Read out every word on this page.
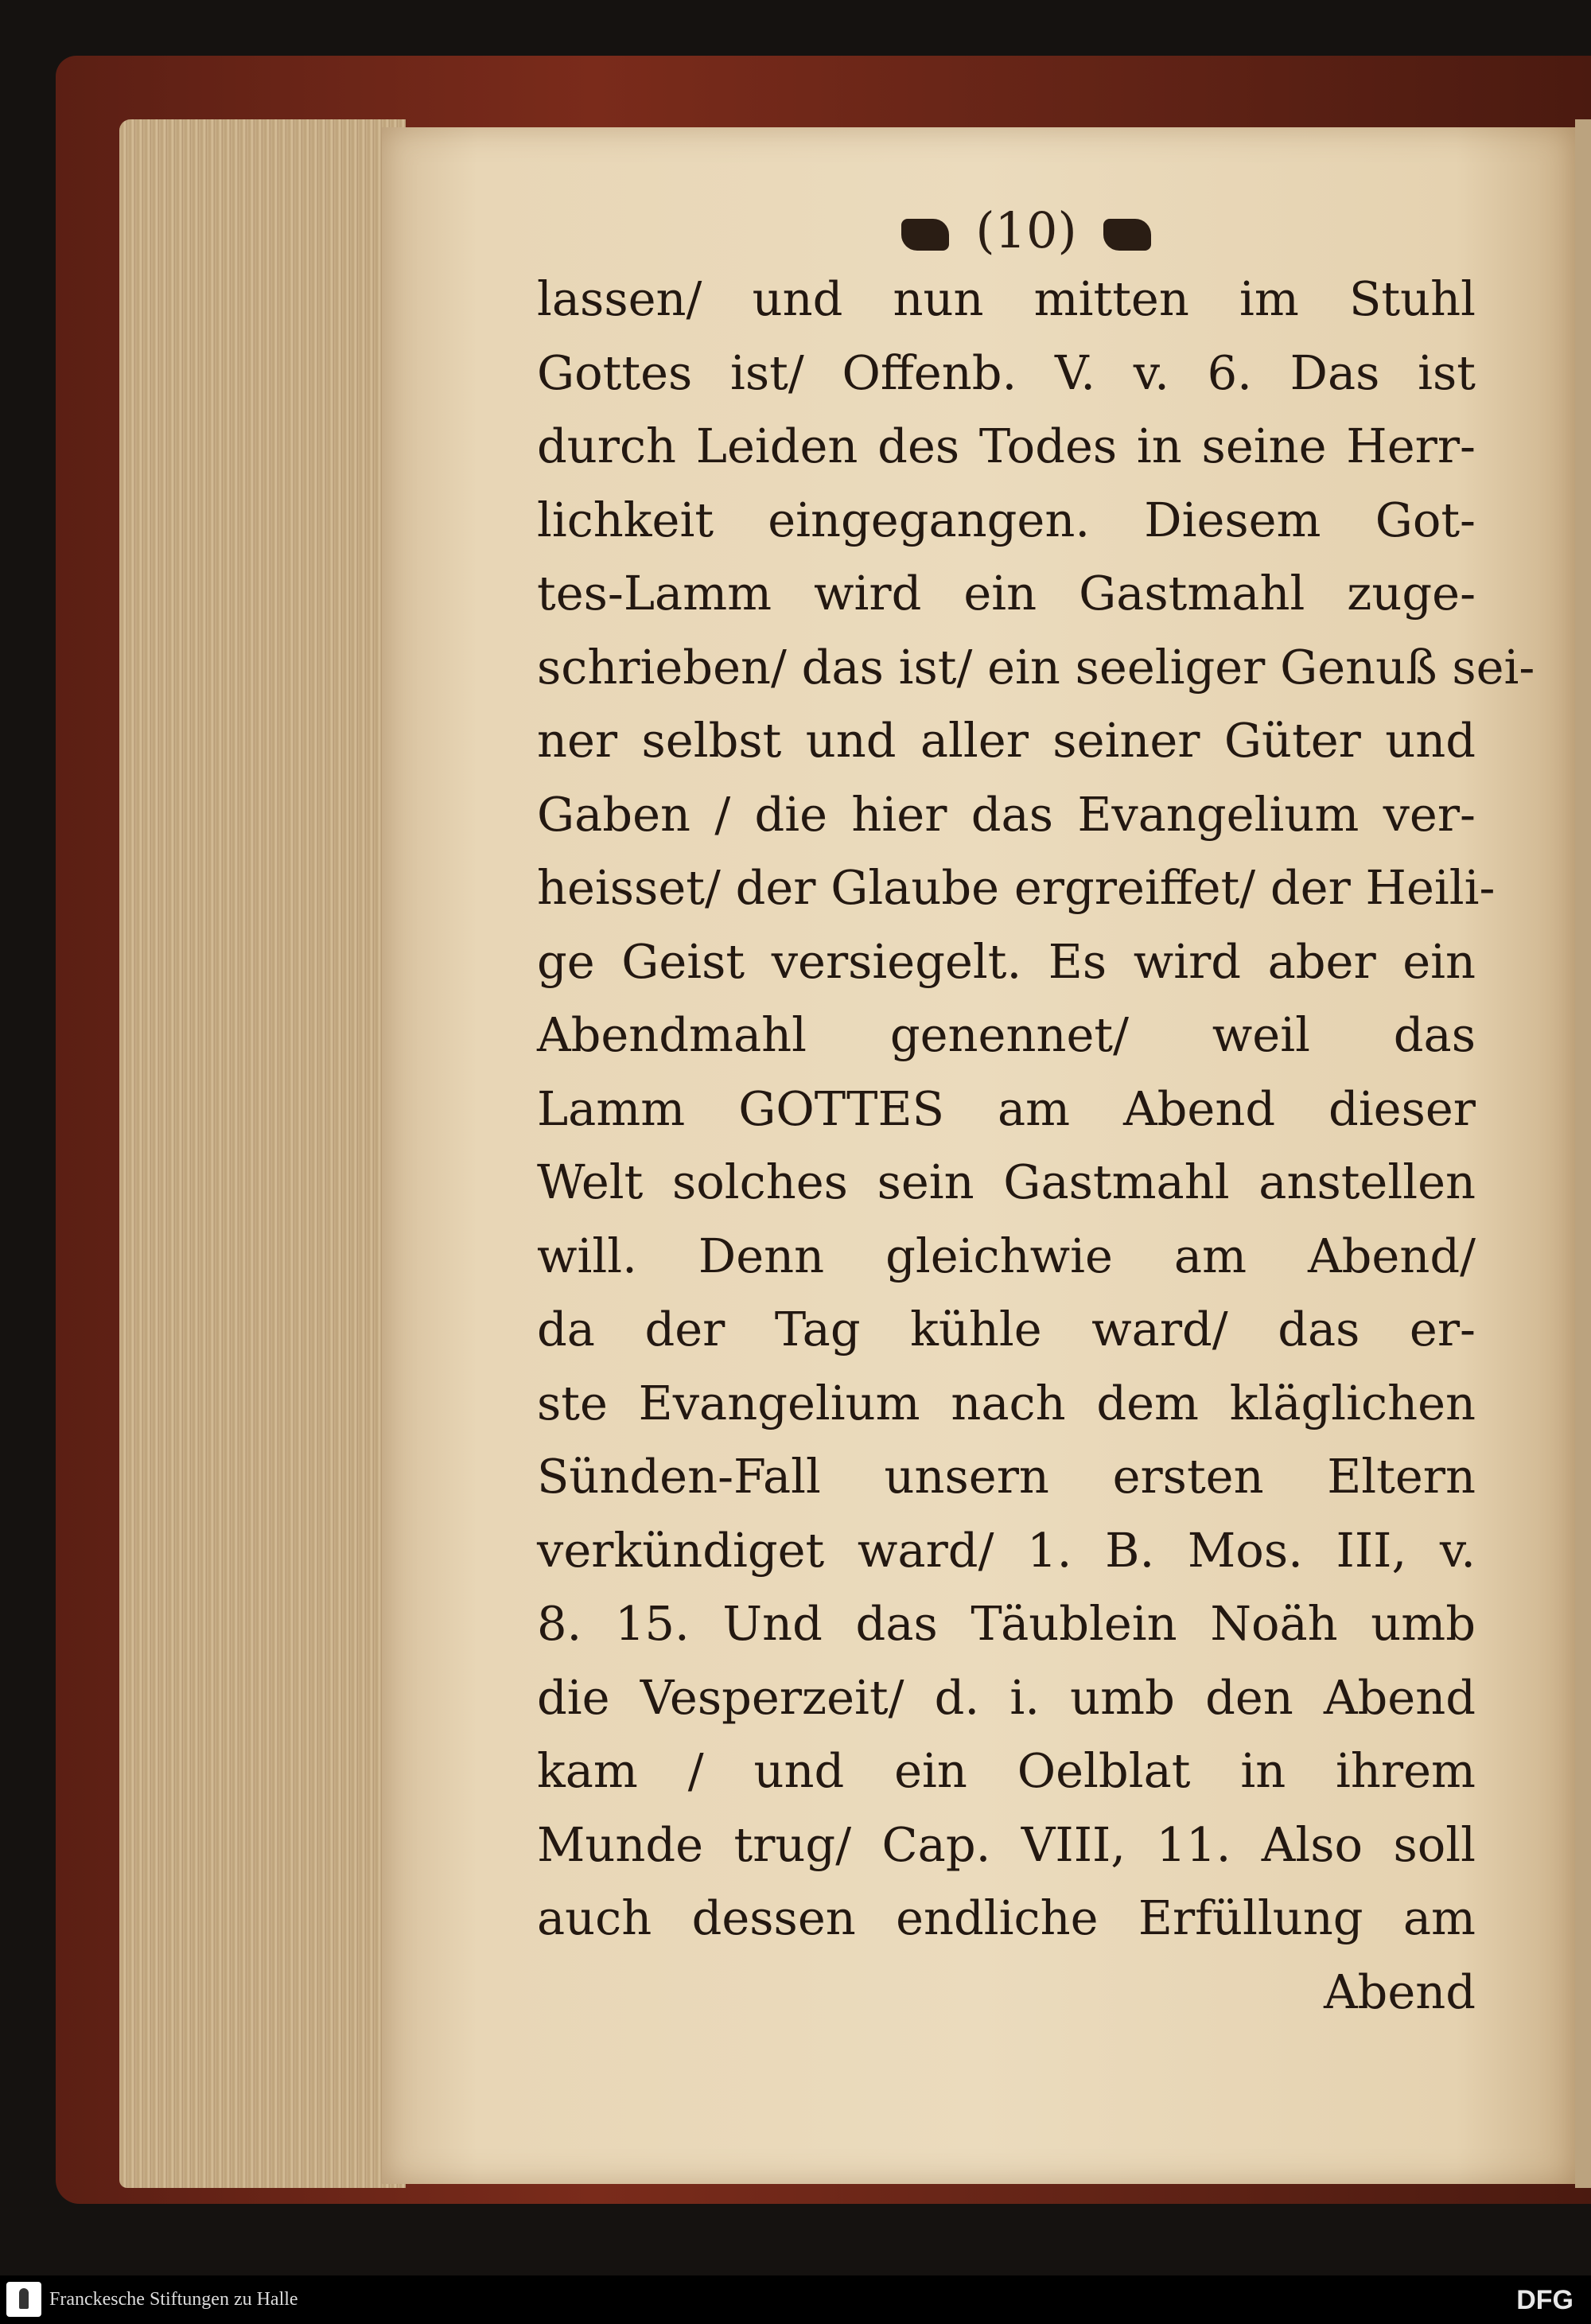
(10)
lassen/ und nun mitten im Stuhl
Gottes ist/ Offenb. V. v. 6. Das ist
durch Leiden des Todes in seine Herr-
lichkeit eingegangen. Diesem Got-
tes-Lamm wird ein Gastmahl zuge-
schrieben/ das ist/ ein seeliger Genuß sei-
ner selbst und aller seiner Güter und
Gaben / die hier das Evangelium ver-
heisset/ der Glaube ergreiffet/ der Heili-
ge Geist versiegelt. Es wird aber ein
Abendmahl genennet/ weil das
Lamm GOTTES am Abend dieser
Welt solches sein Gastmahl anstellen
will. Denn gleichwie am Abend/
da der Tag kühle ward/ das er-
ste Evangelium nach dem kläglichen
Sünden-Fall unsern ersten Eltern
verkündiget ward/ 1. B. Mos. III, v.
8. 15. Und das Täublein Noäh umb
die Vesperzeit/ d. i. umb den Abend
kam / und ein Oelblat in ihrem
Munde trug/ Cap. VIII, 11. Also soll
auch dessen endliche Erfüllung am
Abend
Franckesche Stiftungen zu Halle	DFG
